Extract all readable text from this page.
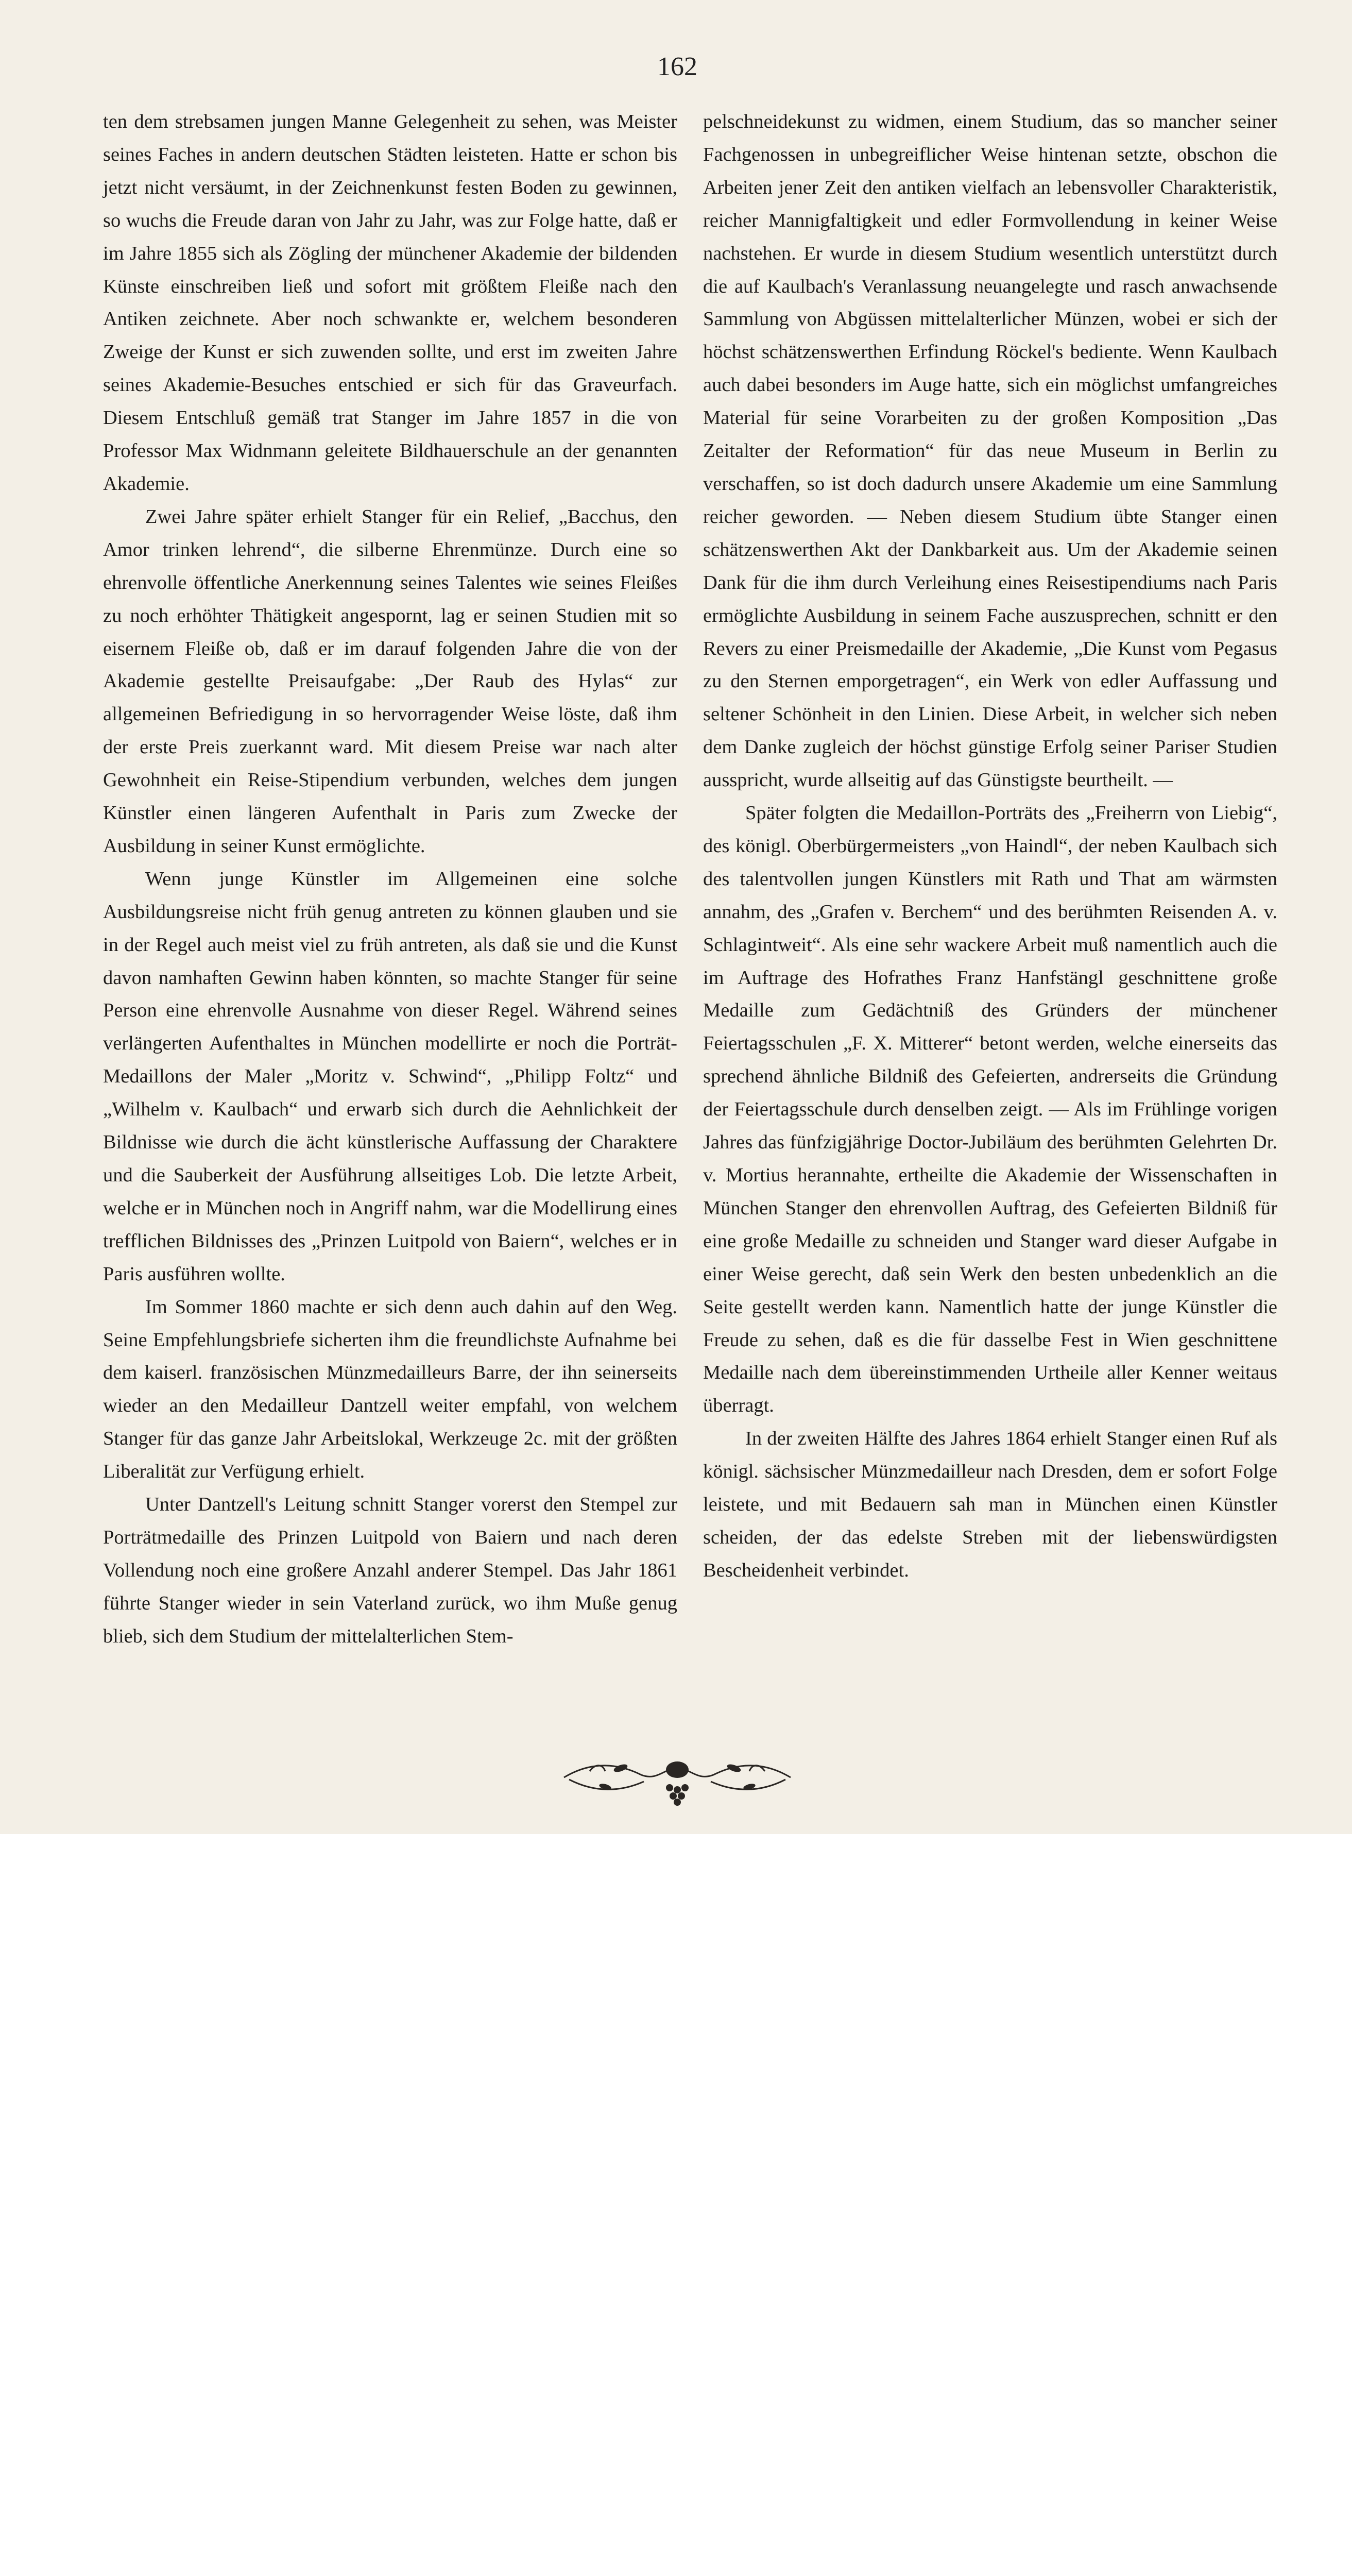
162

ten dem strebsamen jungen Manne Gelegenheit zu sehen, was Meister seines Faches in andern deutschen Städten leisteten. Hatte er schon bis jetzt nicht versäumt, in der Zeichnenkunst festen Boden zu gewinnen, so wuchs die Freude daran von Jahr zu Jahr, was zur Folge hatte, daß er im Jahre 1855 sich als Zögling der münchener Akademie der bildenden Künste einschreiben ließ und sofort mit größtem Fleiße nach den Antiken zeichnete. Aber noch schwankte er, welchem besonderen Zweige der Kunst er sich zuwenden sollte, und erst im zweiten Jahre seines Akademie-Besuches entschied er sich für das Graveurfach. Diesem Entschluß gemäß trat Stanger im Jahre 1857 in die von Professor Max Widnmann geleitete Bildhauerschule an der genannten Akademie.

Zwei Jahre später erhielt Stanger für ein Relief, „Bacchus, den Amor trinken lehrend“, die silberne Ehrenmünze. Durch eine so ehrenvolle öffentliche Anerkennung seines Talentes wie seines Fleißes zu noch erhöhter Thätigkeit angespornt, lag er seinen Studien mit so eisernem Fleiße ob, daß er im darauf folgenden Jahre die von der Akademie gestellte Preisaufgabe: „Der Raub des Hylas“ zur allgemeinen Befriedigung in so hervorragender Weise löste, daß ihm der erste Preis zuerkannt ward. Mit diesem Preise war nach alter Gewohnheit ein Reise-Stipendium verbunden, welches dem jungen Künstler einen längeren Aufenthalt in Paris zum Zwecke der Ausbildung in seiner Kunst ermöglichte.

Wenn junge Künstler im Allgemeinen eine solche Ausbildungsreise nicht früh genug antreten zu können glauben und sie in der Regel auch meist viel zu früh antreten, als daß sie und die Kunst davon namhaften Gewinn haben könnten, so machte Stanger für seine Person eine ehrenvolle Ausnahme von dieser Regel. Während seines verlängerten Aufenthaltes in München modellirte er noch die Porträt-Medaillons der Maler „Moritz v. Schwind“, „Philipp Foltz“ und „Wilhelm v. Kaulbach“ und erwarb sich durch die Aehnlichkeit der Bildnisse wie durch die ächt künstlerische Auffassung der Charaktere und die Sauberkeit der Ausführung allseitiges Lob. Die letzte Arbeit, welche er in München noch in Angriff nahm, war die Modellirung eines trefflichen Bildnisses des „Prinzen Luitpold von Baiern“, welches er in Paris ausführen wollte.

Im Sommer 1860 machte er sich denn auch dahin auf den Weg. Seine Empfehlungsbriefe sicherten ihm die freundlichste Aufnahme bei dem kaiserl. französischen Münzmedailleurs Barre, der ihn seinerseits wieder an den Medailleur Dantzell weiter empfahl, von welchem Stanger für das ganze Jahr Arbeitslokal, Werkzeuge 2c. mit der größten Liberalität zur Verfügung erhielt.

Unter Dantzell's Leitung schnitt Stanger vorerst den Stempel zur Porträtmedaille des Prinzen Luitpold von Baiern und nach deren Vollendung noch eine großere Anzahl anderer Stempel. Das Jahr 1861 führte Stanger wieder in sein Vaterland zurück, wo ihm Muße genug blieb, sich dem Studium der mittelalterlichen Stem-

pelschneidekunst zu widmen, einem Studium, das so mancher seiner Fachgenossen in unbegreiflicher Weise hintenan setzte, obschon die Arbeiten jener Zeit den antiken vielfach an lebensvoller Charakteristik, reicher Mannigfaltigkeit und edler Formvollendung in keiner Weise nachstehen. Er wurde in diesem Studium wesentlich unterstützt durch die auf Kaulbach's Veranlassung neuangelegte und rasch anwachsende Sammlung von Abgüssen mittelalterlicher Münzen, wobei er sich der höchst schätzenswerthen Erfindung Röckel's bediente. Wenn Kaulbach auch dabei besonders im Auge hatte, sich ein möglichst umfangreiches Material für seine Vorarbeiten zu der großen Komposition „Das Zeitalter der Reformation“ für das neue Museum in Berlin zu verschaffen, so ist doch dadurch unsere Akademie um eine Sammlung reicher geworden. — Neben diesem Studium übte Stanger einen schätzenswerthen Akt der Dankbarkeit aus. Um der Akademie seinen Dank für die ihm durch Verleihung eines Reisestipendiums nach Paris ermöglichte Ausbildung in seinem Fache auszusprechen, schnitt er den Revers zu einer Preismedaille der Akademie, „Die Kunst vom Pegasus zu den Sternen emporgetragen“, ein Werk von edler Auffassung und seltener Schönheit in den Linien. Diese Arbeit, in welcher sich neben dem Danke zugleich der höchst günstige Erfolg seiner Pariser Studien ausspricht, wurde allseitig auf das Günstigste beurtheilt. —

Später folgten die Medaillon-Porträts des „Freiherrn von Liebig“, des königl. Oberbürgermeisters „von Haindl“, der neben Kaulbach sich des talentvollen jungen Künstlers mit Rath und That am wärmsten annahm, des „Grafen v. Berchem“ und des berühmten Reisenden A. v. Schlagintweit“. Als eine sehr wackere Arbeit muß namentlich auch die im Auftrage des Hofrathes Franz Hanfstängl geschnittene große Medaille zum Gedächtniß des Gründers der münchener Feiertagsschulen „F. X. Mitterer“ betont werden, welche einerseits das sprechend ähnliche Bildniß des Gefeierten, andrerseits die Gründung der Feiertagsschule durch denselben zeigt. — Als im Frühlinge vorigen Jahres das fünfzigjährige Doctor-Jubiläum des berühmten Gelehrten Dr. v. Mortius herannahte, ertheilte die Akademie der Wissenschaften in München Stanger den ehrenvollen Auftrag, des Gefeierten Bildniß für eine große Medaille zu schneiden und Stanger ward dieser Aufgabe in einer Weise gerecht, daß sein Werk den besten unbedenklich an die Seite gestellt werden kann. Namentlich hatte der junge Künstler die Freude zu sehen, daß es die für dasselbe Fest in Wien geschnittene Medaille nach dem übereinstimmenden Urtheile aller Kenner weitaus überragt.

In der zweiten Hälfte des Jahres 1864 erhielt Stanger einen Ruf als königl. sächsischer Münzmedailleur nach Dresden, dem er sofort Folge leistete, und mit Bedauern sah man in München einen Künstler scheiden, der das edelste Streben mit der liebenswürdigsten Bescheidenheit verbindet.
